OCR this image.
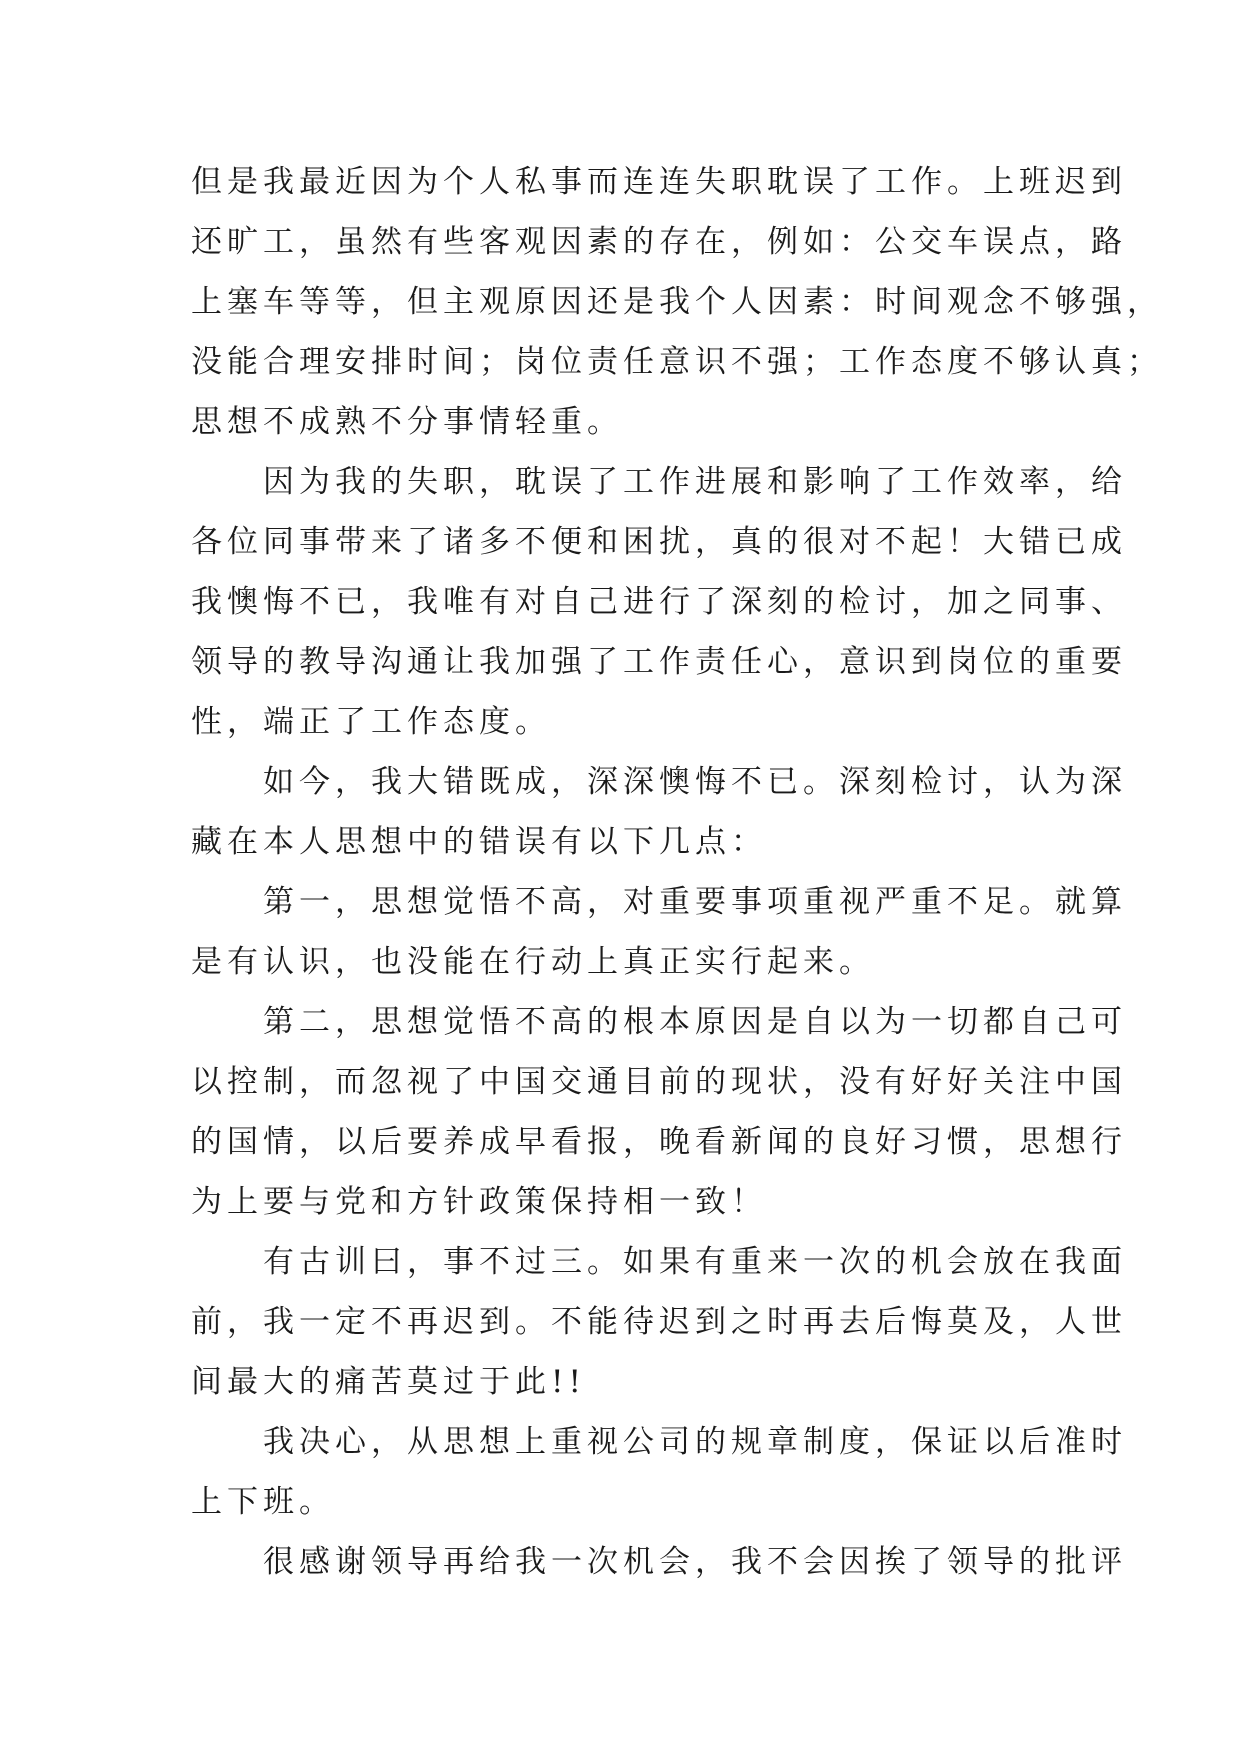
但是我最近因为个人私事而连连失职耽误了工作。上班迟到
还旷工，虽然有些客观因素的存在，例如：公交车误点，路
上塞车等等，但主观原因还是我个人因素：时间观念不够强，
没能合理安排时间；岗位责任意识不强；工作态度不够认真；
思想不成熟不分事情轻重。
　　因为我的失职，耽误了工作进展和影响了工作效率，给
各位同事带来了诸多不便和困扰，真的很对不起！大错已成
我懊悔不已，我唯有对自己进行了深刻的检讨，加之同事、
领导的教导沟通让我加强了工作责任心，意识到岗位的重要
性，端正了工作态度。
　　如今，我大错既成，深深懊悔不已。深刻检讨，认为深
藏在本人思想中的错误有以下几点：
　　第一，思想觉悟不高，对重要事项重视严重不足。就算
是有认识，也没能在行动上真正实行起来。
　　第二，思想觉悟不高的根本原因是自以为一切都自己可
以控制，而忽视了中国交通目前的现状，没有好好关注中国
的国情，以后要养成早看报，晚看新闻的良好习惯，思想行
为上要与党和方针政策保持相一致！
　　有古训曰，事不过三。如果有重来一次的机会放在我面
前，我一定不再迟到。不能待迟到之时再去后悔莫及，人世
间最大的痛苦莫过于此!!
　　我决心，从思想上重视公司的规章制度，保证以后准时
上下班。
　　很感谢领导再给我一次机会，我不会因挨了领导的批评
